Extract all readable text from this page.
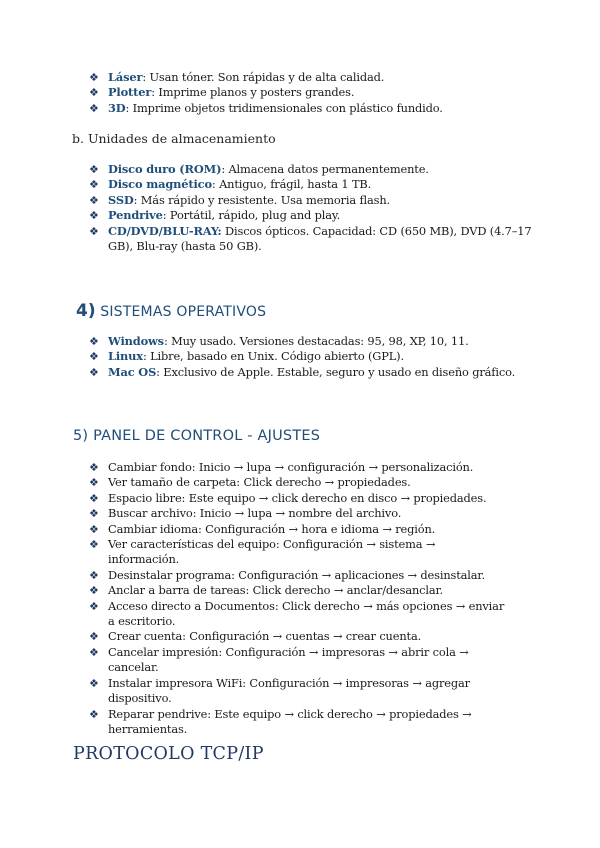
❖ Láser: Usan tóner. Son rápidas y de alta calidad.
❖ Plotter: Imprime planos y posters grandes.
❖ 3D: Imprime objetos tridimensionales con plástico fundido.
b. Unidades de almacenamiento
❖ Disco duro (ROM): Almacena datos permanentemente.
❖ Disco magnético: Antiguo, frágil, hasta 1 TB.
❖ SSD: Más rápido y resistente. Usa memoria flash.
❖ Pendrive: Portátil, rápido, plug and play.
❖ CD/DVD/BLU-RAY: Discos ópticos. Capacidad: CD (650 MB), DVD (4.7–17 GB), Blu-ray (hasta 50 GB).
4) SISTEMAS OPERATIVOS
❖ Windows: Muy usado. Versiones destacadas: 95, 98, XP, 10, 11.
❖ Linux: Libre, basado en Unix. Código abierto (GPL).
❖ Mac OS: Exclusivo de Apple. Estable, seguro y usado en diseño gráfico.
5) PANEL DE CONTROL - AJUSTES
❖ Cambiar fondo: Inicio → lupa → configuración → personalización.
❖ Ver tamaño de carpeta: Click derecho → propiedades.
❖ Espacio libre: Este equipo → click derecho en disco → propiedades.
❖ Buscar archivo: Inicio → lupa → nombre del archivo.
❖ Cambiar idioma: Configuración → hora e idioma → región.
❖ Ver características del equipo: Configuración → sistema → información.
❖ Desinstalar programa: Configuración → aplicaciones → desinstalar.
❖ Anclar a barra de tareas: Click derecho → anclar/desanclar.
❖ Acceso directo a Documentos: Click derecho → más opciones → enviar a escritorio.
❖ Crear cuenta: Configuración → cuentas → crear cuenta.
❖ Cancelar impresión: Configuración → impresoras → abrir cola → cancelar.
❖ Instalar impresora WiFi: Configuración → impresoras → agregar dispositivo.
❖ Reparar pendrive: Este equipo → click derecho → propiedades → herramientas.
PROTOCOLO TCP/IP
